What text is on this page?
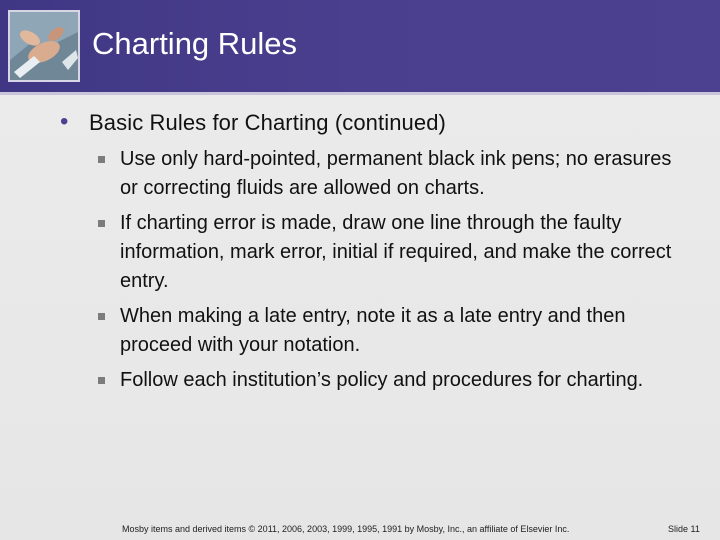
Charting Rules
• Basic Rules for Charting (continued)

Use only hard-pointed, permanent black ink pens; no erasures or correcting fluids are allowed on charts.
If charting error is made, draw one line through the faulty information, mark error, initial if required, and make the correct entry.
When making a late entry, note it as a late entry and then proceed with your notation.
Follow each institution’s policy and procedures for charting.

Mosby items and derived items © 2011, 2006, 2003, 1999, 1995, 1991 by Mosby, Inc., an affiliate of Elsevier Inc.	Slide 11
